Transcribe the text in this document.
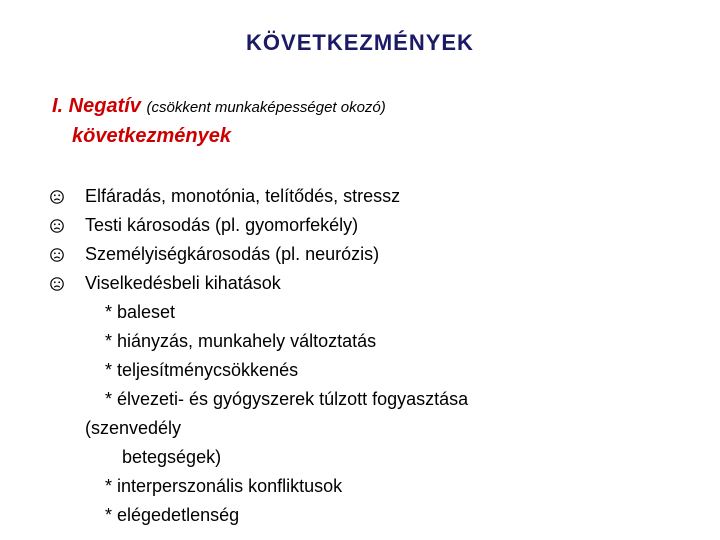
KÖVETKEZMÉNYEK
I. Negatív (csökkent munkaképességet okozó)
következmények
Elfáradás, monotónia, telítődés, stressz
Testi károsodás (pl. gyomorfekély)
Személyiségkárosodás (pl. neurózis)
Viselkedésbeli kihatások
* baleset
* hiányzás, munkahely változtatás
* teljesítménycsökkenés
* élvezeti- és gyógyszerek túlzott fogyasztása
(szenvedély
betegségek)
* interperszonális konfliktusok
* elégedetlenség
